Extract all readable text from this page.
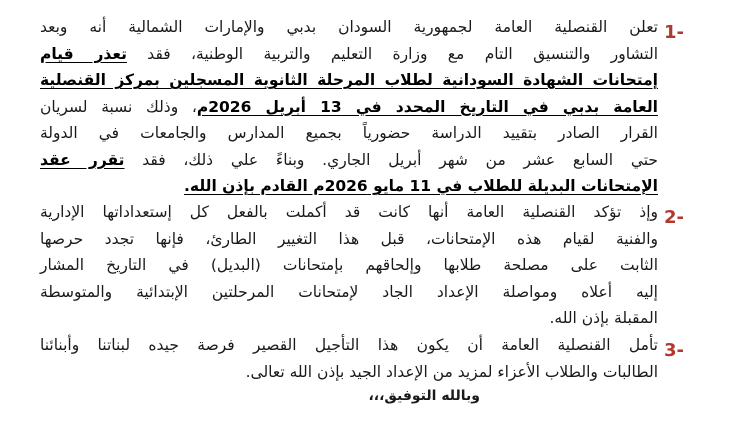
1-
تعلن القنصلية العامة لجمهورية السودان بدبي والإمارات الشمالية أنه وبعد
التشاور والتنسيق التام مع وزارة التعليم والتربية الوطنية، فقد تعذر قيام
إمتحانات الشهادة السودانية لطلاب المرحلة الثانوية المسجلين بمركز القنصلية
العامة بدبي في التاريخ المحدد في 13 أبريل 2026م، وذلك نسبة لسريان
القرار الصادر بتقييد الدراسة حضورياً بجميع المدارس والجامعات في الدولة
حتي السابع عشر من شهر أبريل الجاري. وبناءً علي ذلك، فقد تقرر عقد
الإمتحانات البديلة للطلاب في 11 مايو 2026م القادم بإذن الله.
2-
وإذ تؤكد القنصلية العامة أنها كانت قد أكملت بالفعل كل إستعداداتها الإدارية
والفنية لقيام هذه الإمتحانات، قبل هذا التغيير الطارئ، فإنها تجدد حرصها
الثابت على مصلحة طلابها وإلحاقهم بإمتحانات (البديل) في التاريخ المشار
إليه أعلاه ومواصلة الإعداد الجاد لإمتحانات المرحلتين الإبتدائية والمتوسطة
المقبلة بإذن الله.
3-
تأمل القنصلية العامة أن يكون هذا التأجيل القصير فرصة جيده لبناتنا وأبنائنا
الطالبات والطلاب الأعزاء لمزيد من الإعداد الجيد بإذن الله تعالى.
وبالله التوفيق،،،
